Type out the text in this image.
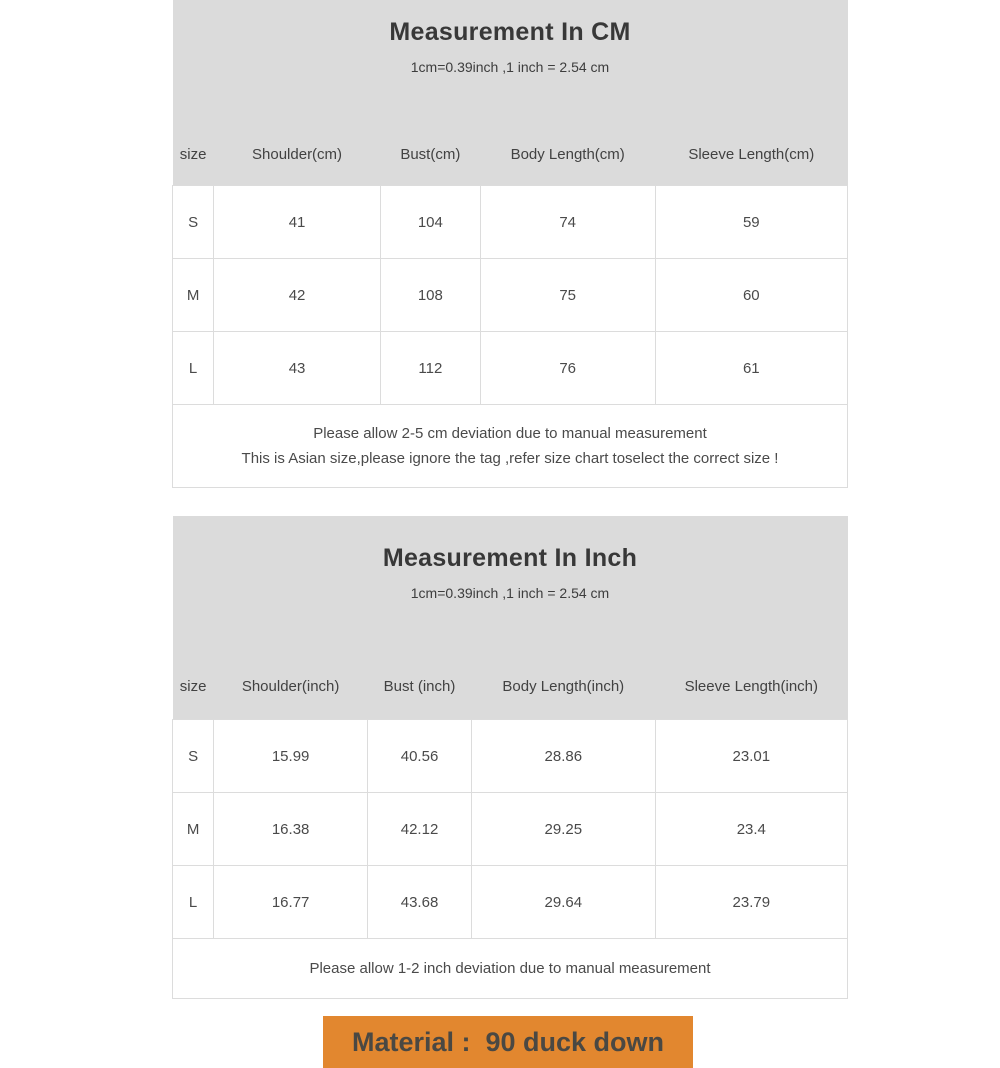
Measurement In CM
1cm=0.39inch ,1 inch = 2.54 cm				

size	Shoulder(cm)	Bust(cm)	Body Length(cm)	Sleeve Length(cm)
S	41	104	74	59
M	42	108	75	60
L	43	112	76	61

Please allow 2-5 cm deviation due to manual measurement
This is Asian size,please ignore the tag ,refer size chart toselect the correct size !				
Measurement In Inch
1cm=0.39inch ,1 inch = 2.54 cm				

size	Shoulder(inch)	Bust (inch)	Body Length(inch)	Sleeve Length(inch)
S	15.99	40.56	28.86	23.01
M	16.38	42.12	29.25	23.4
L	16.77	43.68	29.64	23.79

Please allow 1-2 inch deviation due to manual measurement				
Material :  90 duck down
